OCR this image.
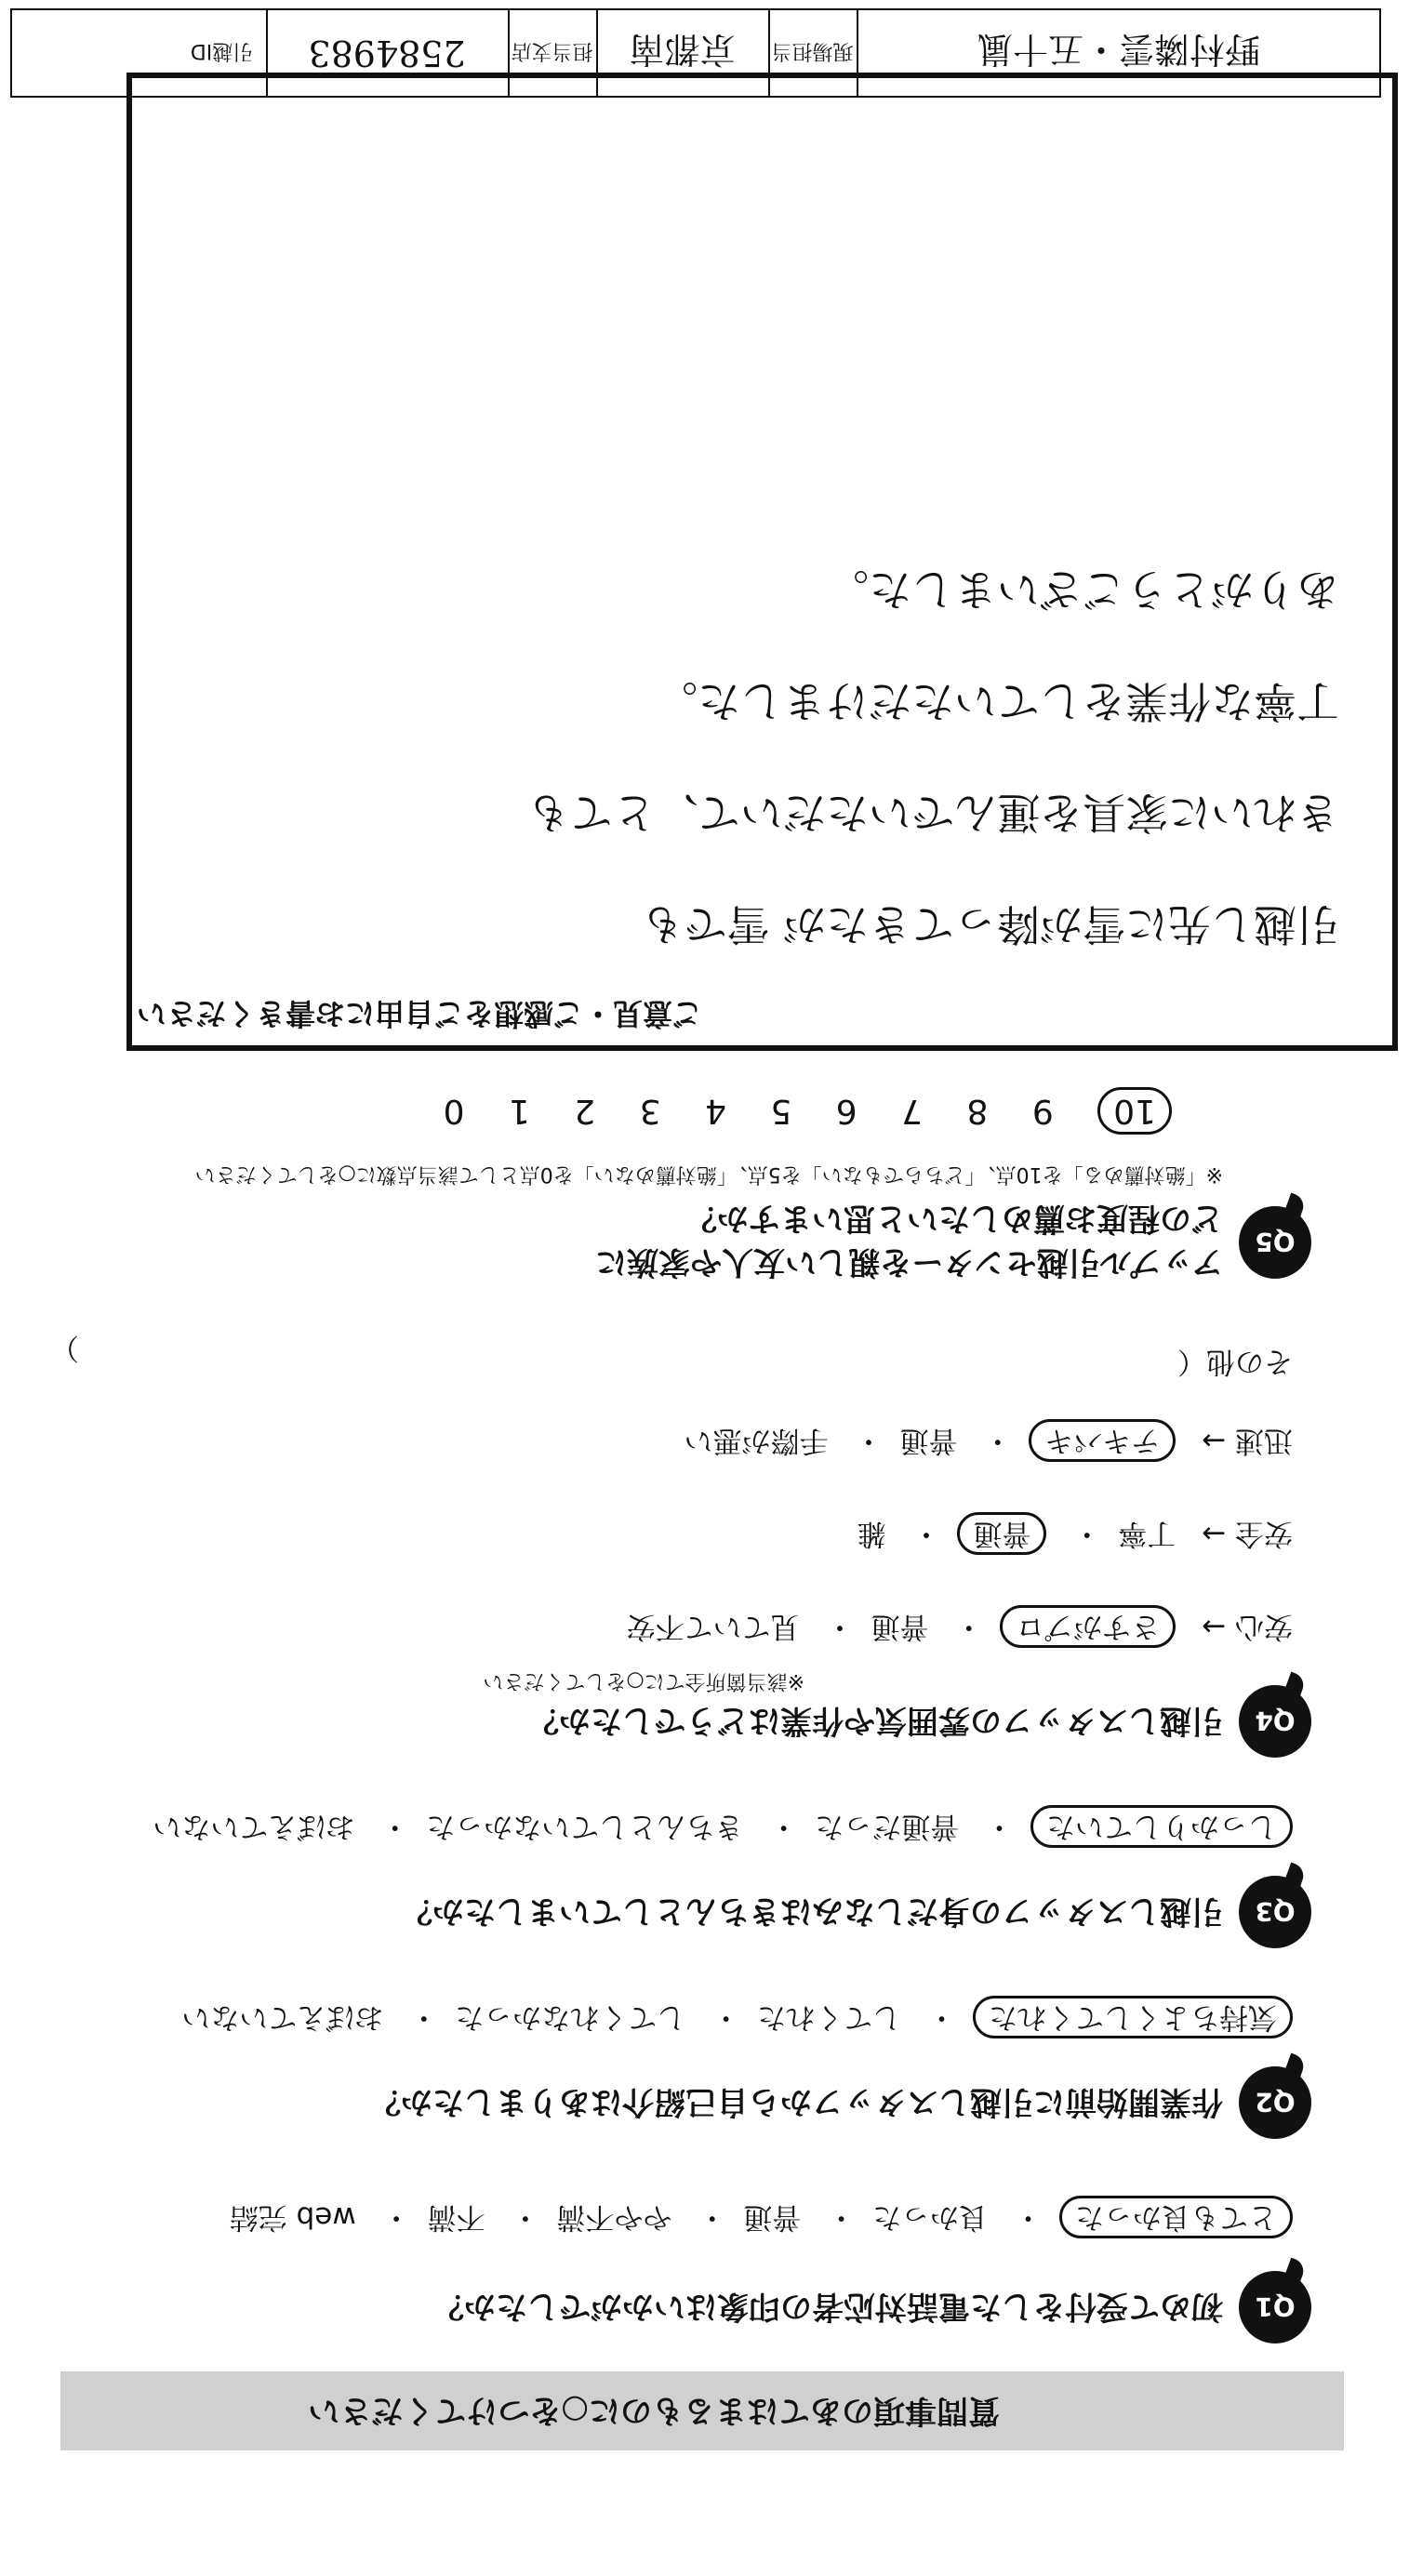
質問事項のあてはまるものに○をつけてください
Q1
初めて受付をした電話対応者の印象はいかがでしたか？
とても良かった・ 良かった・ 普通・ やや不満・ 不満・ web 完結
Q2
作業開始前に引越しスタッフから自己紹介はありましたか？
気持ちよくしてくれた・ してくれた・ してくれなかった・ おぼえていない
Q3
引越しスタッフの身だしなみはきちんとしていましたか？
しっかりしていた・ 普通だった・ きちんとしていなかった・ おぼえていない
Q4
引越しスタッフの雰囲気や作業はどうでしたか？
※該当箇所全てに○をしてください
安心 → さすがプロ・ 普通・ 見ていて不安
安全 → 丁寧・ 普通・ 雑
迅速 → テキパキ・ 普通・ 手際が悪い
その他（
）
Q5
アップル引越センターを親しい友人や家族に
どの程度お薦めしたいと思いますか？
※「絶対薦める」を10点、「どちらでもない」を5点、「絶対薦めない」を0点として該当点数に○をしてください
10 9 8 7 6 5 4 3 2 1 0
ご意見・ご感想をご自由にお書きください
引越し先に雪が降ってきたが 雪でも
きれいに家具を運んでいただいて、とても
丁寧な作業をしていただけました。
ありがとうございました。
野村隣雲・五十嵐
現場担当
京都南
担当支店
2584983
引越ID
